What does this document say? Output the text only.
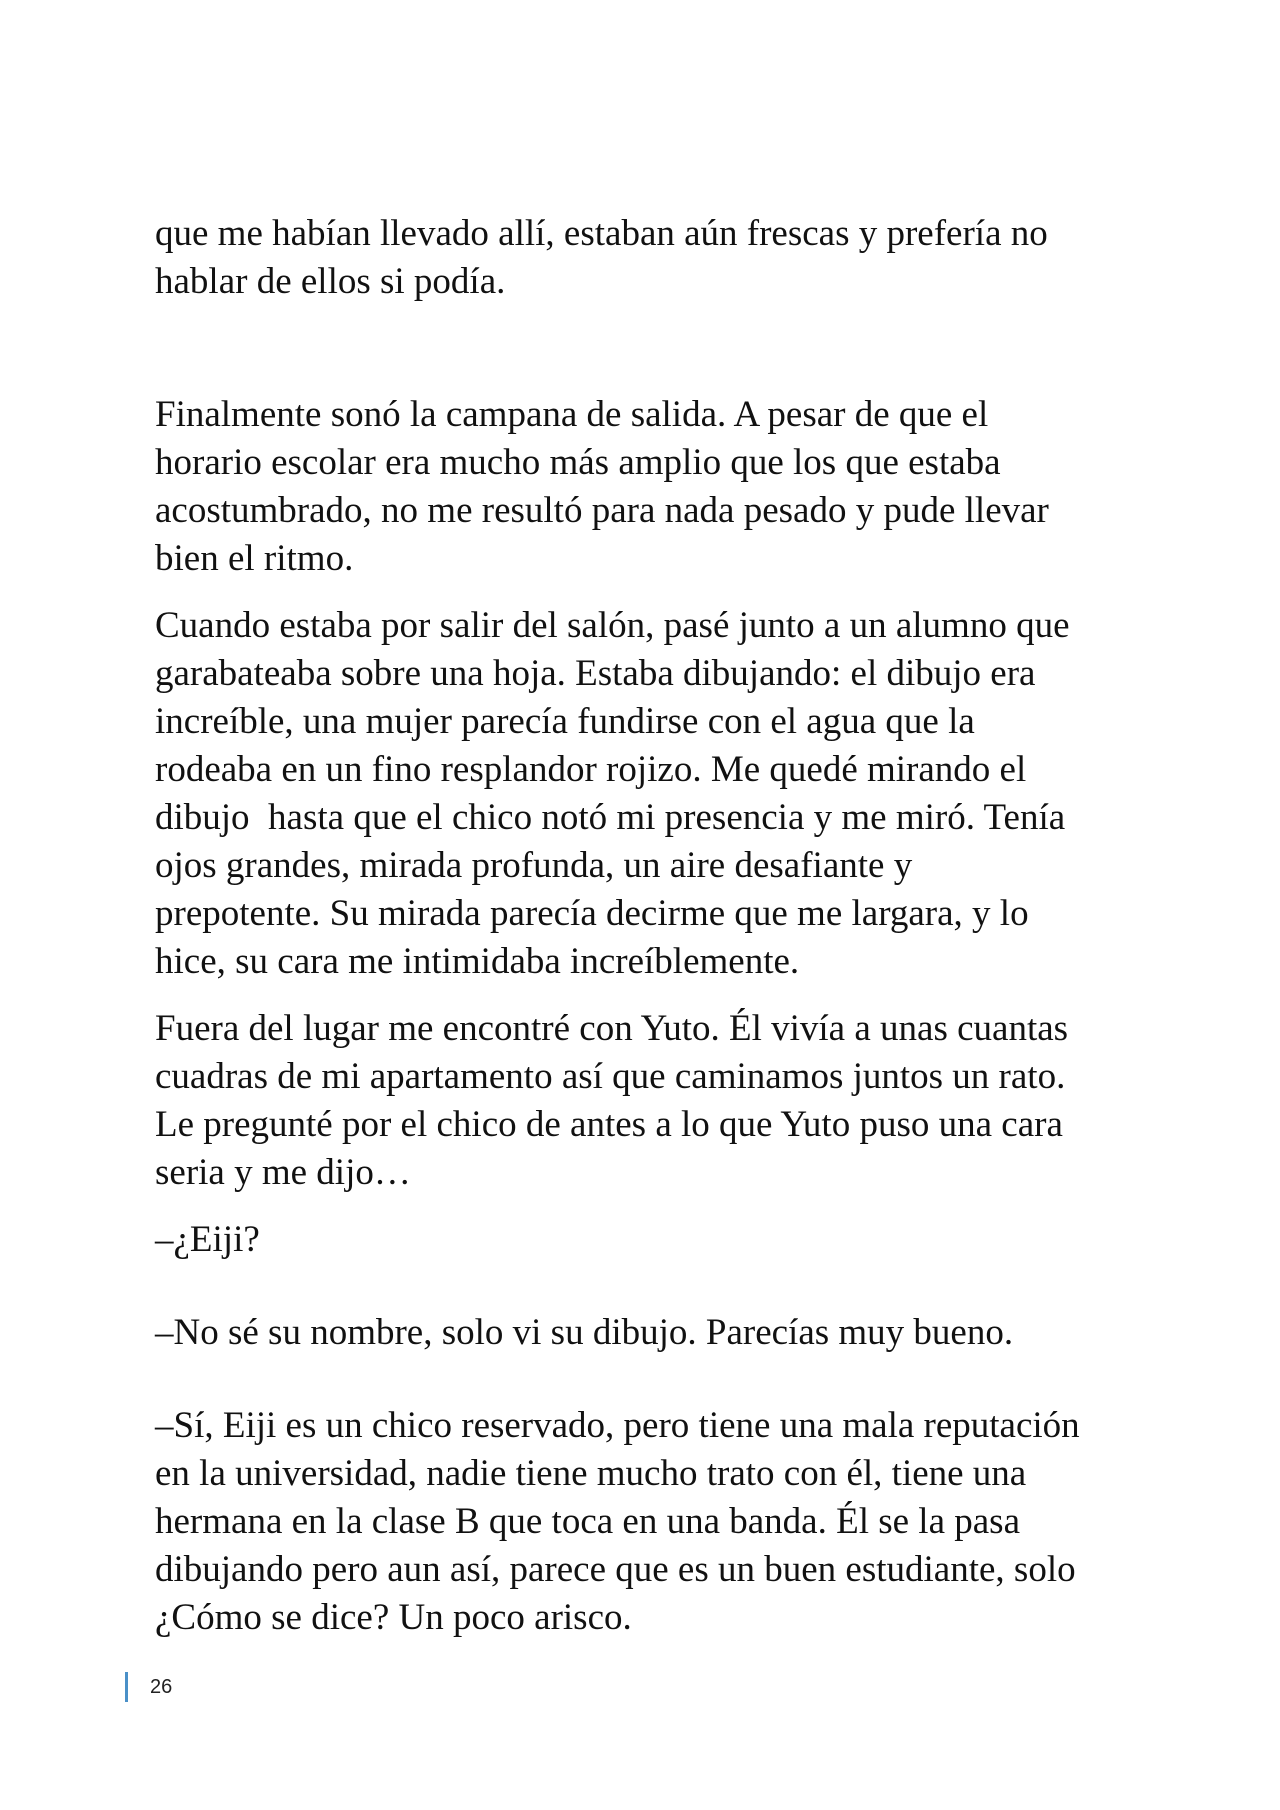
que me habían llevado allí, estaban aún frescas y prefería no
hablar de ellos si podía.

Finalmente sonó la campana de salida. A pesar de que el
horario escolar era mucho más amplio que los que estaba
acostumbrado, no me resultó para nada pesado y pude llevar
bien el ritmo.

Cuando estaba por salir del salón, pasé junto a un alumno que
garabateaba sobre una hoja. Estaba dibujando: el dibujo era
increíble, una mujer parecía fundirse con el agua que la
rodeaba en un fino resplandor rojizo. Me quedé mirando el
dibujo  hasta que el chico notó mi presencia y me miró. Tenía
ojos grandes, mirada profunda, un aire desafiante y
prepotente. Su mirada parecía decirme que me largara, y lo
hice, su cara me intimidaba increíblemente.

Fuera del lugar me encontré con Yuto. Él vivía a unas cuantas
cuadras de mi apartamento así que caminamos juntos un rato.
Le pregunté por el chico de antes a lo que Yuto puso una cara
seria y me dijo…

–¿Eiji?

–No sé su nombre, solo vi su dibujo. Parecías muy bueno.

–Sí, Eiji es un chico reservado, pero tiene una mala reputación
en la universidad, nadie tiene mucho trato con él, tiene una
hermana en la clase B que toca en una banda. Él se la pasa
dibujando pero aun así, parece que es un buen estudiante, solo
¿Cómo se dice? Un poco arisco.

26
